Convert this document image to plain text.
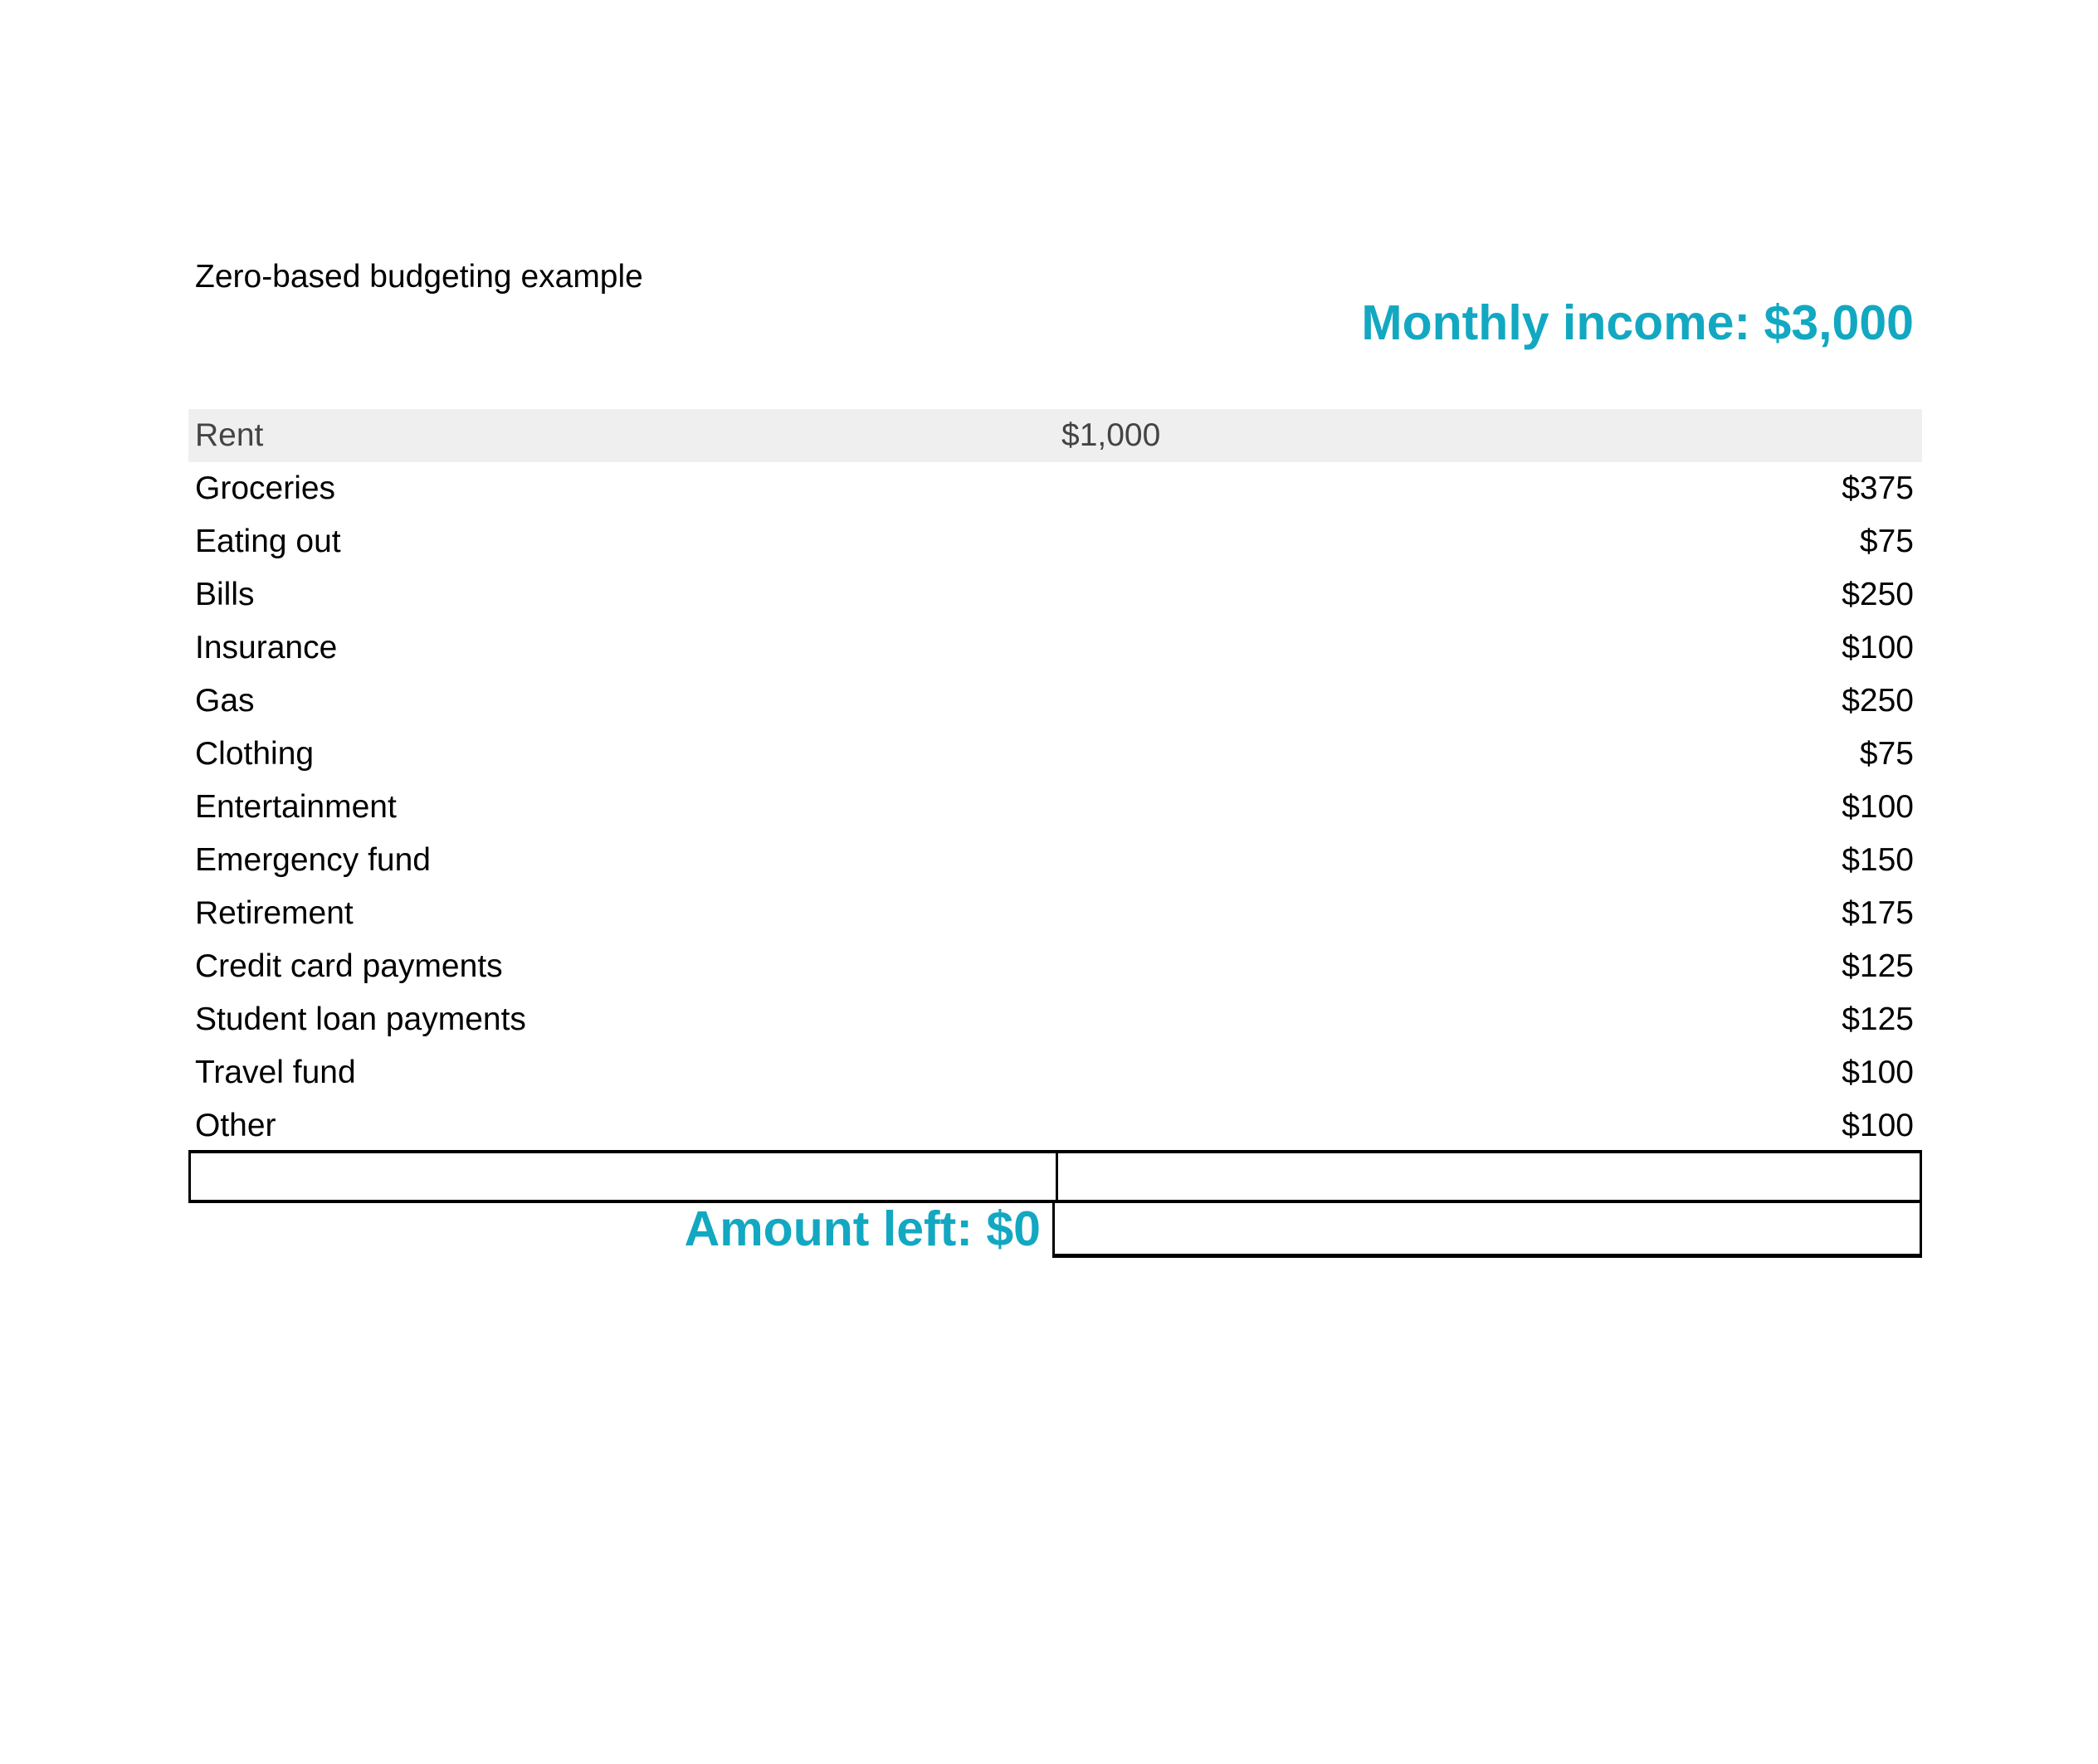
Zero-based budgeting example
Monthly income: $3,000
Rent	$1,000
Groceries	$375
Eating out	$75
Bills	$250
Insurance	$100
Gas	$250
Clothing	$75
Entertainment	$100
Emergency fund	$150
Retirement	$175
Credit card payments	$125
Student loan payments	$125
Travel fund	$100
Other	$100
Amount left: $0
